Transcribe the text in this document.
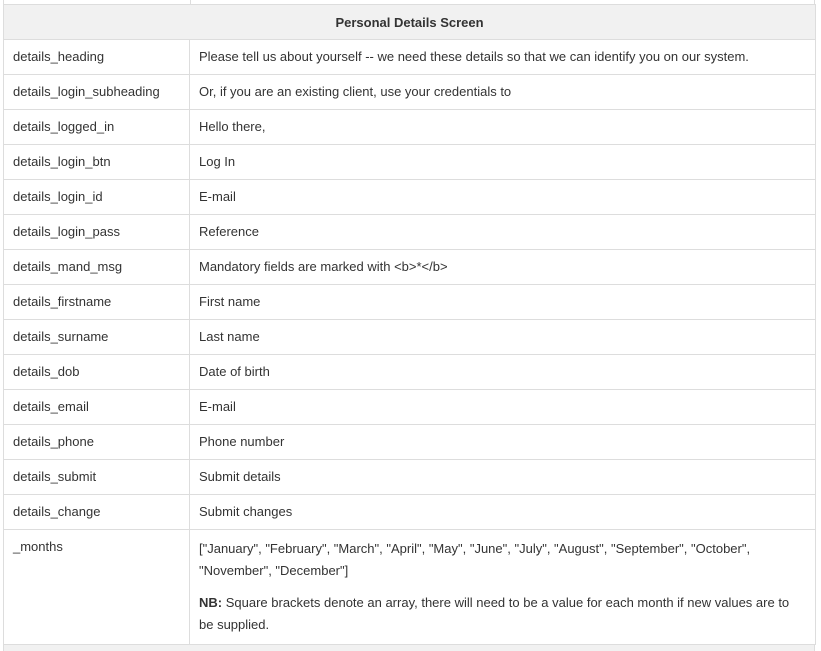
Personal Details Screen	
details_heading	Please tell us about yourself -- we need these details so that we can identify you on our system.
details_login_subheading	Or, if you are an existing client, use your credentials to
details_logged_in	Hello there,
details_login_btn	Log In
details_login_id	E-mail
details_login_pass	Reference
details_mand_msg	Mandatory fields are marked with <b>*</b>
details_firstname	First name
details_surname	Last name
details_dob	Date of birth
details_email	E-mail
details_phone	Phone number
details_submit	Submit details
details_change	Submit changes
_months	["January", "February", "March", "April", "May", "June", "July", "August", "September", "October", "November", "December"]

NB: Square brackets denote an array, there will need to be a value for each month if new values are to be supplied.
